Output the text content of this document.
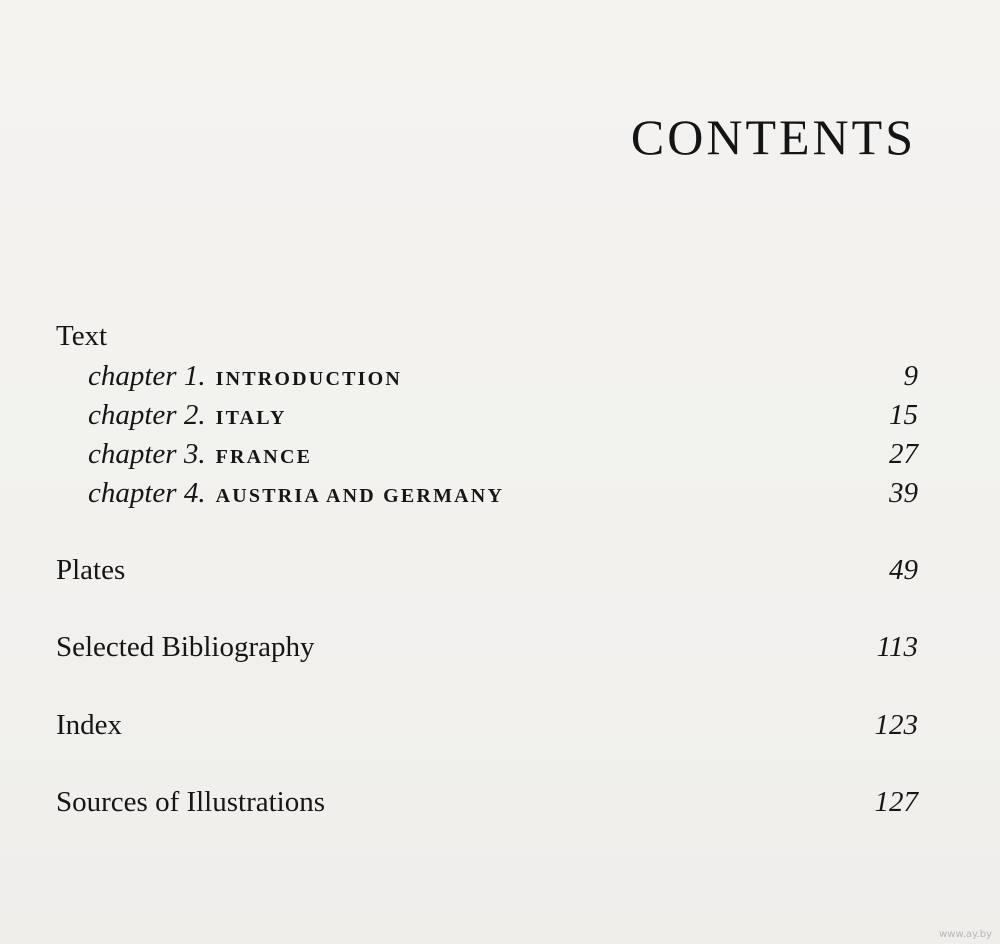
CONTENTS
Text
chapter 1. INTRODUCTION	9
chapter 2. ITALY	15
chapter 3. FRANCE	27
chapter 4. AUSTRIA AND GERMANY	39
Plates	49
Selected Bibliography	113
Index	123
Sources of Illustrations	127
www.ay.by
